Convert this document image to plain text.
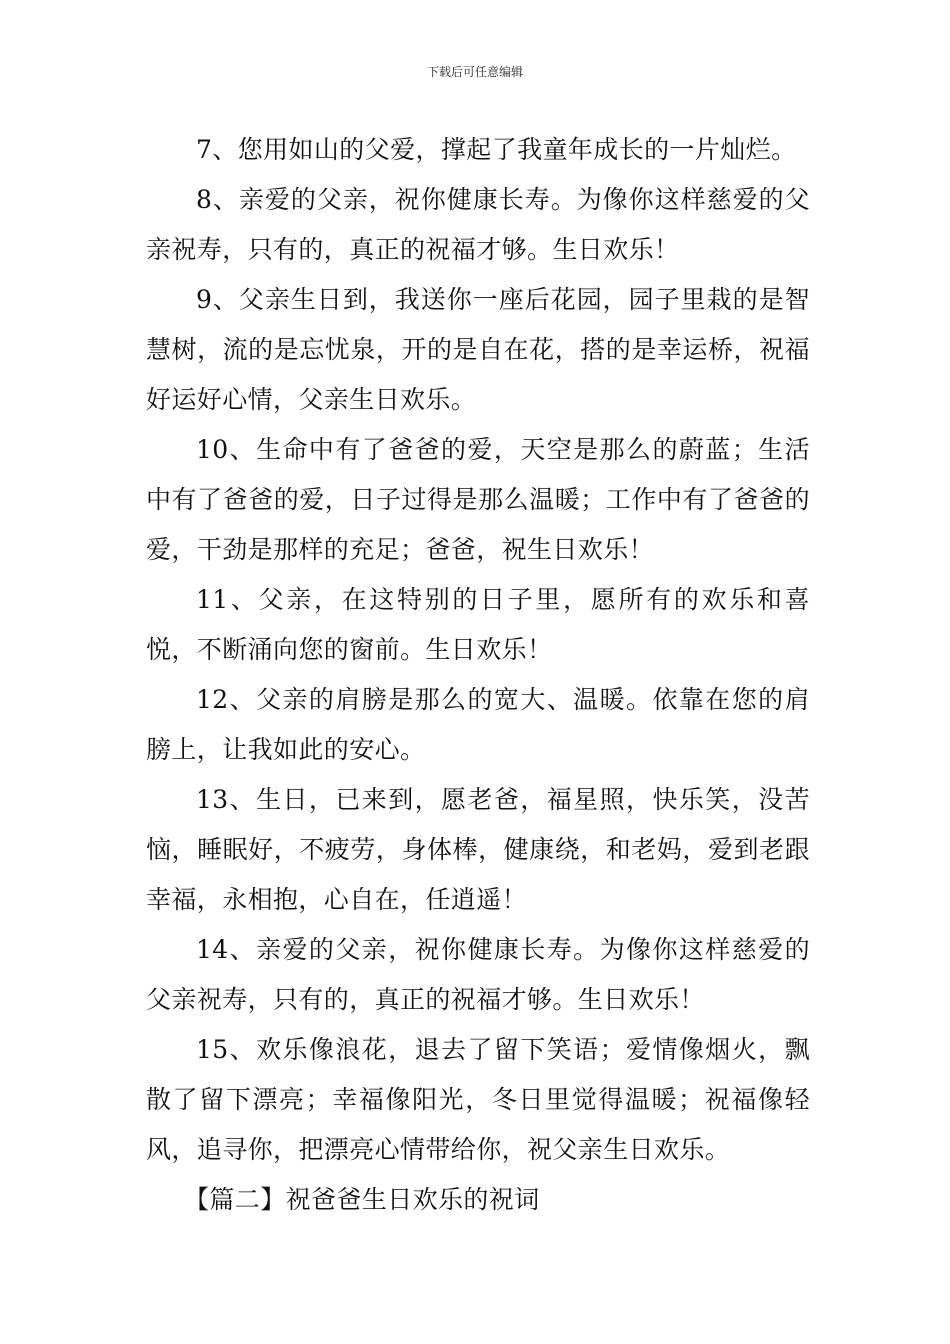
下载后可任意编辑

7、您用如山的父爱，撑起了我童年成长的一片灿烂。

8、亲爱的父亲，祝你健康长寿。为像你这样慈爱的父亲祝寿，只有的，真正的祝福才够。生日欢乐！

9、父亲生日到，我送你一座后花园，园子里栽的是智慧树，流的是忘忧泉，开的是自在花，搭的是幸运桥，祝福好运好心情，父亲生日欢乐。

10、生命中有了爸爸的爱，天空是那么的蔚蓝；生活中有了爸爸的爱，日子过得是那么温暖；工作中有了爸爸的爱，干劲是那样的充足；爸爸，祝生日欢乐！

11、父亲，在这特别的日子里，愿所有的欢乐和喜悦，不断涌向您的窗前。生日欢乐！

12、父亲的肩膀是那么的宽大、温暖。依靠在您的肩膀上，让我如此的安心。

13、生日，已来到，愿老爸，福星照，快乐笑，没苦恼，睡眠好，不疲劳，身体棒，健康绕，和老妈，爱到老跟幸福，永相抱，心自在，任逍遥！

14、亲爱的父亲，祝你健康长寿。为像你这样慈爱的父亲祝寿，只有的，真正的祝福才够。生日欢乐！

15、欢乐像浪花，退去了留下笑语；爱情像烟火，飘散了留下漂亮；幸福像阳光，冬日里觉得温暖；祝福像轻风，追寻你，把漂亮心情带给你，祝父亲生日欢乐。

【篇二】祝爸爸生日欢乐的祝词
